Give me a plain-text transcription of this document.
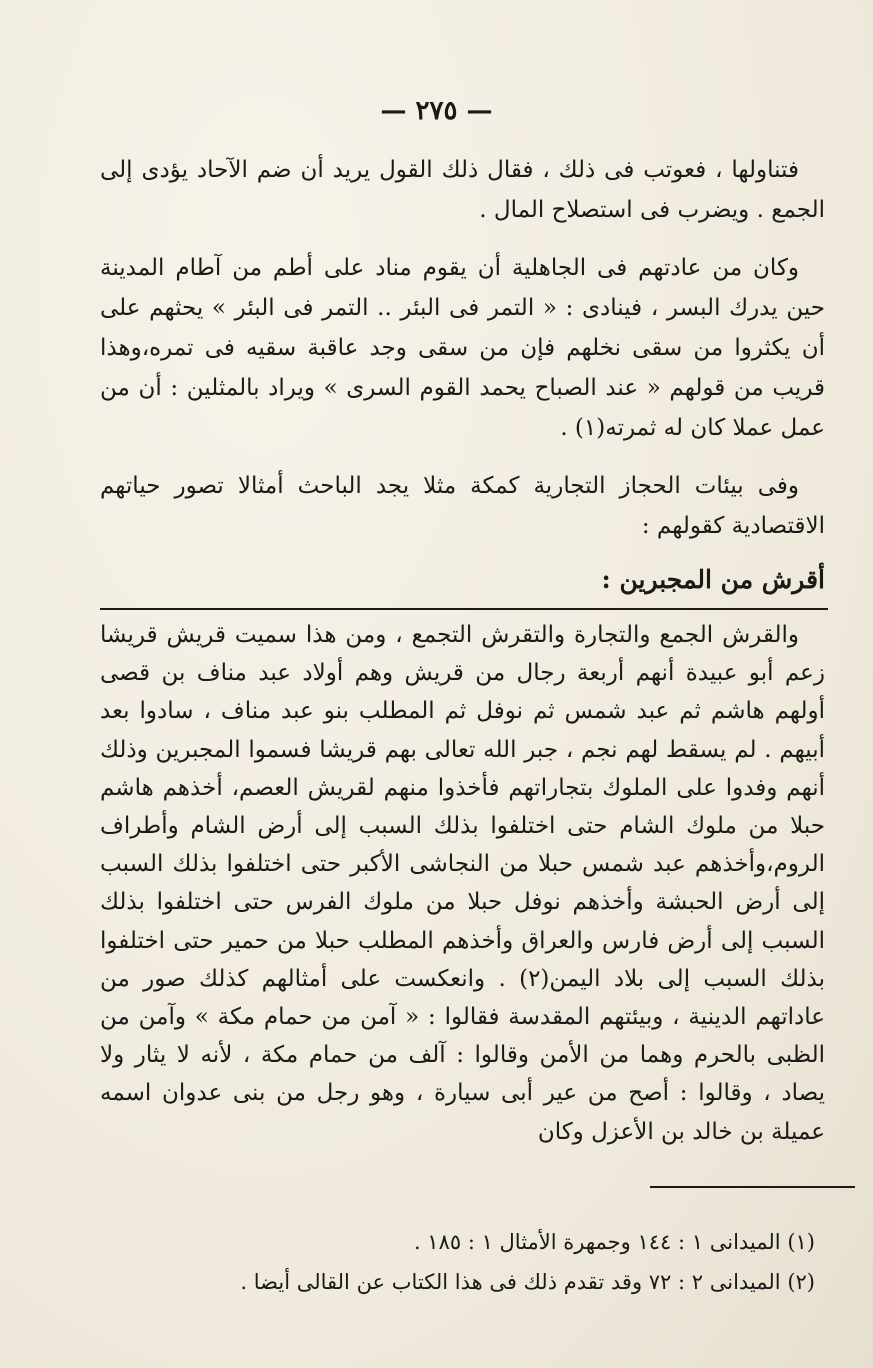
— ٢٧٥ —

فتناولها ، فعوتب فى ذلك ، فقال ذلك القول يريد أن ضم الآحاد يؤدى إلى الجمع . ويضرب فى استصلاح المال .

وكان من عادتهم فى الجاهلية أن يقوم مناد على أطم من آطام المدينة حين يدرك البسر ، فينادى : « التمر فى البئر .. التمر فى البئر » يحثهم على أن يكثروا من سقى نخلهم فإن من سقى وجد عاقبة سقيه فى تمره،وهذا قريب من قولهم « عند الصباح يحمد القوم السرى » ويراد بالمثلين : أن من عمل عملا كان له ثمرته(١) .

وفى بيئات الحجاز التجارية كمكة مثلا يجد الباحث أمثالا تصور حياتهم الاقتصادية كقولهم :

أقرش من المجبرين :

والقرش الجمع والتجارة والتقرش التجمع ، ومن هذا سميت قريش قريشا زعم أبو عبيدة أنهم أربعة رجال من قريش وهم أولاد عبد مناف بن قصى أولهم هاشم ثم عبد شمس ثم نوفل ثم المطلب بنو عبد مناف ، سادوا بعد أبيهم . لم يسقط لهم نجم ، جبر الله تعالى بهم قريشا فسموا المجبرين وذلك أنهم وفدوا على الملوك بتجاراتهم فأخذوا منهم لقريش العصم، أخذهم هاشم حبلا من ملوك الشام حتى اختلفوا بذلك السبب إلى أرض الشام وأطراف الروم،وأخذهم عبد شمس حبلا من النجاشى الأكبر حتى اختلفوا بذلك السبب إلى أرض الحبشة وأخذهم نوفل حبلا من ملوك الفرس حتى اختلفوا بذلك السبب إلى أرض فارس والعراق وأخذهم المطلب حبلا من حمير حتى اختلفوا بذلك السبب إلى بلاد اليمن(٢) . وانعكست على أمثالهم كذلك صور من عاداتهم الدينية ، وبيئتهم المقدسة فقالوا : « آمن من حمام مكة » وآمن من الظبى بالحرم وهما من الأمن وقالوا : آلف من حمام مكة ، لأنه لا يثار ولا يصاد ، وقالوا : أصح من عير أبى سيارة ، وهو رجل من بنى عدوان اسمه عميلة بن خالد بن الأعزل وكان

(١) الميدانى ١ : ١٤٤ وجمهرة الأمثال ١ : ١٨٥ .

(٢) الميدانى ٢ : ٧٢ وقد تقدم ذلك فى هذا الكتاب عن القالى أيضا .
